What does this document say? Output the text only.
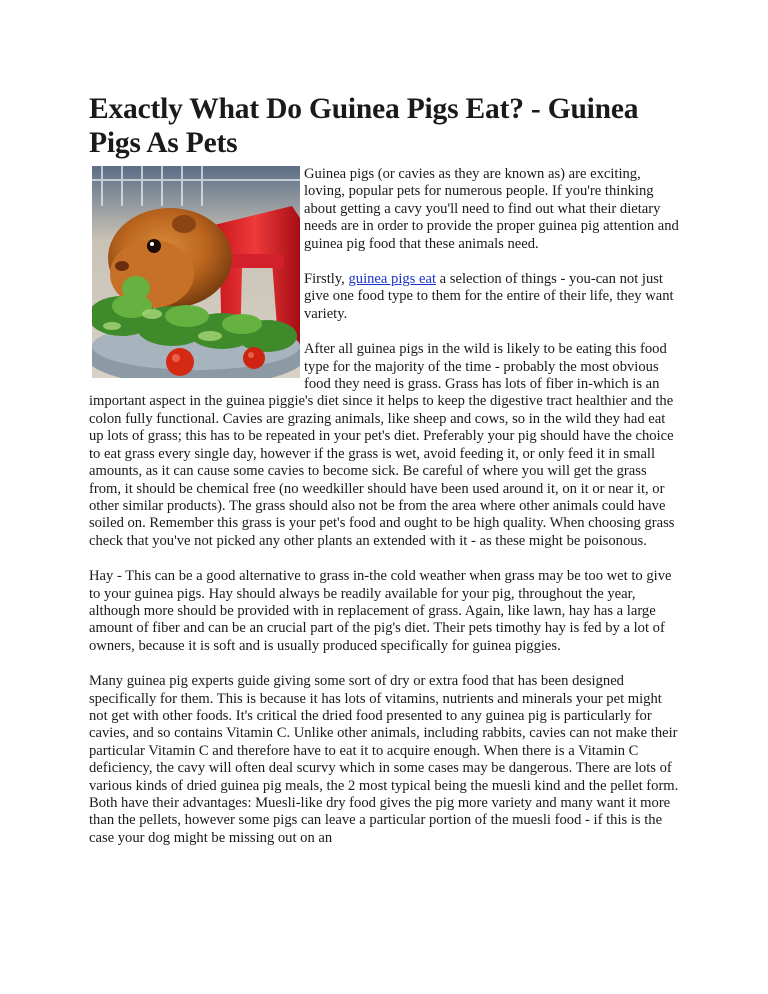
Exactly What Do Guinea Pigs Eat? - Guinea Pigs As Pets

Guinea pigs (or cavies as they are known as) are exciting, loving, popular pets for numerous people. If you're thinking about getting a cavy you'll need to find out what their dietary needs are in order to provide the proper guinea pig attention and guinea pig food that these animals need.

Firstly, guinea pigs eat a selection of things - you-can not just give one food type to them for the entire of their life, they want variety.

After all guinea pigs in the wild is likely to be eating this food type for the majority of the time - probably the most obvious food they need is grass. Grass has lots of fiber in-which is an important aspect in the guinea piggie's diet since it helps to keep the digestive tract healthier and the colon fully functional. Cavies are grazing animals, like sheep and cows, so in the wild they had eat up lots of grass; this has to be repeated in your pet's diet. Preferably your pig should have the choice to eat grass every single day, however if the grass is wet, avoid feeding it, or only feed it in small amounts, as it can cause some cavies to become sick. Be careful of where you will get the grass from, it should be chemical free (no weedkiller should have been used around it, on it or near it, or other similar products). The grass should also not be from the area where other animals could have soiled on. Remember this grass is your pet's food and ought to be high quality. When choosing grass check that you've not picked any other plants an extended with it - as these might be poisonous.

Hay - This can be a good alternative to grass in-the cold weather when grass may be too wet to give to your guinea pigs. Hay should always be readily available for your pig, throughout the year, although more should be provided with in replacement of grass. Again, like lawn, hay has a large amount of fiber and can be an crucial part of the pig's diet. Their pets timothy hay is fed by a lot of owners, because it is soft and is usually produced specifically for guinea piggies.

Many guinea pig experts guide giving some sort of dry or extra food that has been designed specifically for them. This is because it has lots of vitamins, nutrients and minerals your pet might not get with other foods. It's critical the dried food presented to any guinea pig is particularly for cavies, and so contains Vitamin C. Unlike other animals, including rabbits, cavies can not make their particular Vitamin C and therefore have to eat it to acquire enough. When there is a Vitamin C deficiency, the cavy will often deal scurvy which in some cases may be dangerous. There are lots of various kinds of dried guinea pig meals, the 2 most typical being the muesli kind and the pellet form. Both have their advantages: Muesli-like dry food gives the pig more variety and many want it more than the pellets, however some pigs can leave a particular portion of the muesli food - if this is the case your dog might be missing out on an
